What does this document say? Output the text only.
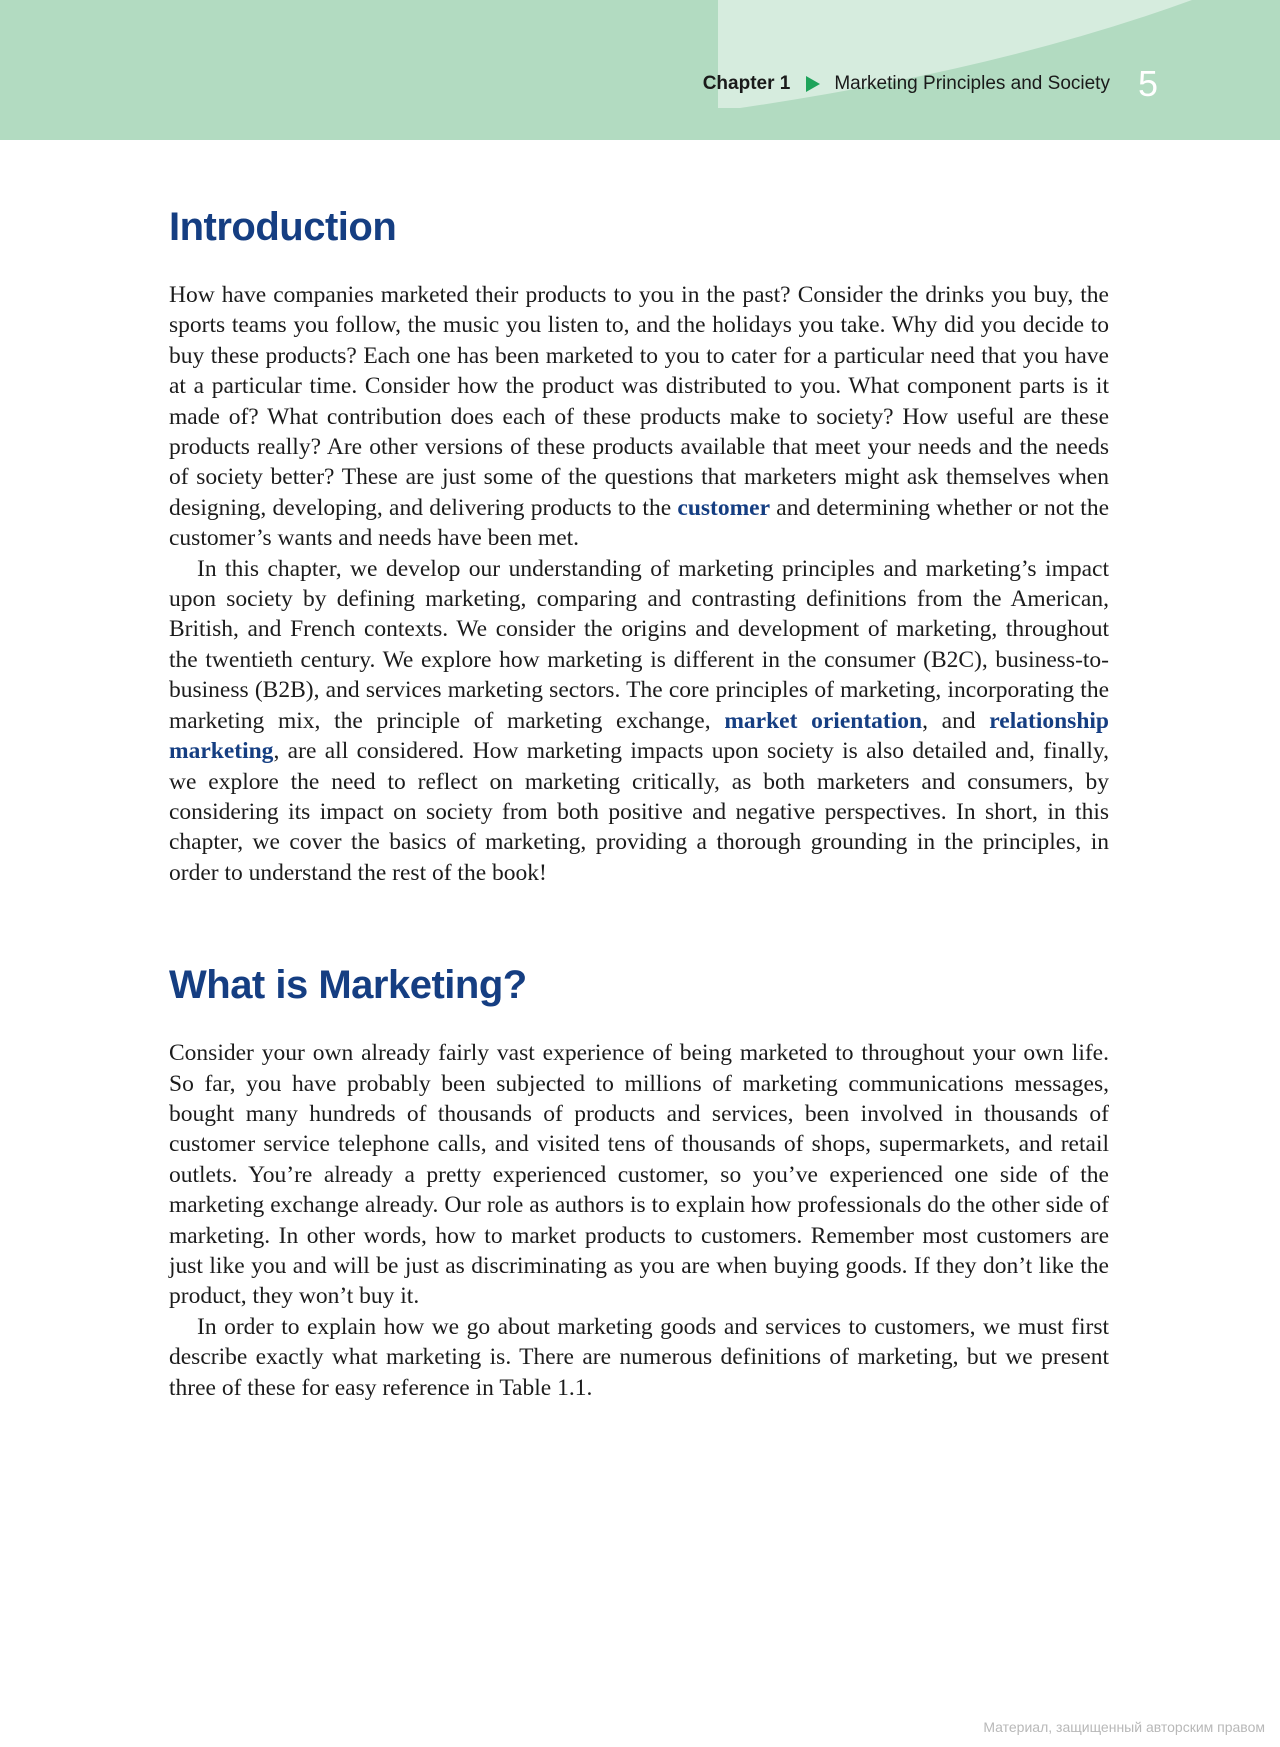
Chapter 1 Marketing Principles and Society 5
Introduction

How have companies marketed their products to you in the past? Consider the drinks you buy, the sports teams you follow, the music you listen to, and the holidays you take. Why did you decide to buy these products? Each one has been marketed to you to cater for a particular need that you have at a particular time. Consider how the product was distributed to you. What component parts is it made of? What contribution does each of these products make to society? How useful are these products really? Are other versions of these products available that meet your needs and the needs of society better? These are just some of the questions that marketers might ask themselves when designing, developing, and delivering products to the customer and determining whether or not the customer’s wants and needs have been met.

In this chapter, we develop our understanding of marketing principles and marketing’s impact upon society by defining marketing, comparing and contrasting definitions from the American, British, and French contexts. We consider the origins and development of marketing, throughout the twentieth century. We explore how marketing is different in the consumer (B2C), business-to-business (B2B), and services marketing sectors. The core principles of marketing, incorporating the marketing mix, the principle of marketing exchange, market orientation, and relationship marketing, are all considered. How marketing impacts upon society is also detailed and, finally, we explore the need to reflect on marketing critically, as both marketers and consumers, by considering its impact on society from both positive and negative perspectives. In short, in this chapter, we cover the basics of marketing, providing a thorough grounding in the principles, in order to understand the rest of the book!

What is Marketing?

Consider your own already fairly vast experience of being marketed to throughout your own life. So far, you have probably been subjected to millions of marketing communications messages, bought many hundreds of thousands of products and services, been involved in thousands of customer service telephone calls, and visited tens of thousands of shops, supermarkets, and retail outlets. You’re already a pretty experienced customer, so you’ve experienced one side of the marketing exchange already. Our role as authors is to explain how professionals do the other side of marketing. In other words, how to market products to customers. Remember most customers are just like you and will be just as discriminating as you are when buying goods. If they don’t like the product, they won’t buy it.

In order to explain how we go about marketing goods and services to customers, we must first describe exactly what marketing is. There are numerous definitions of marketing, but we present three of these for easy reference in Table 1.1.

Материал, защищенный авторским правом
